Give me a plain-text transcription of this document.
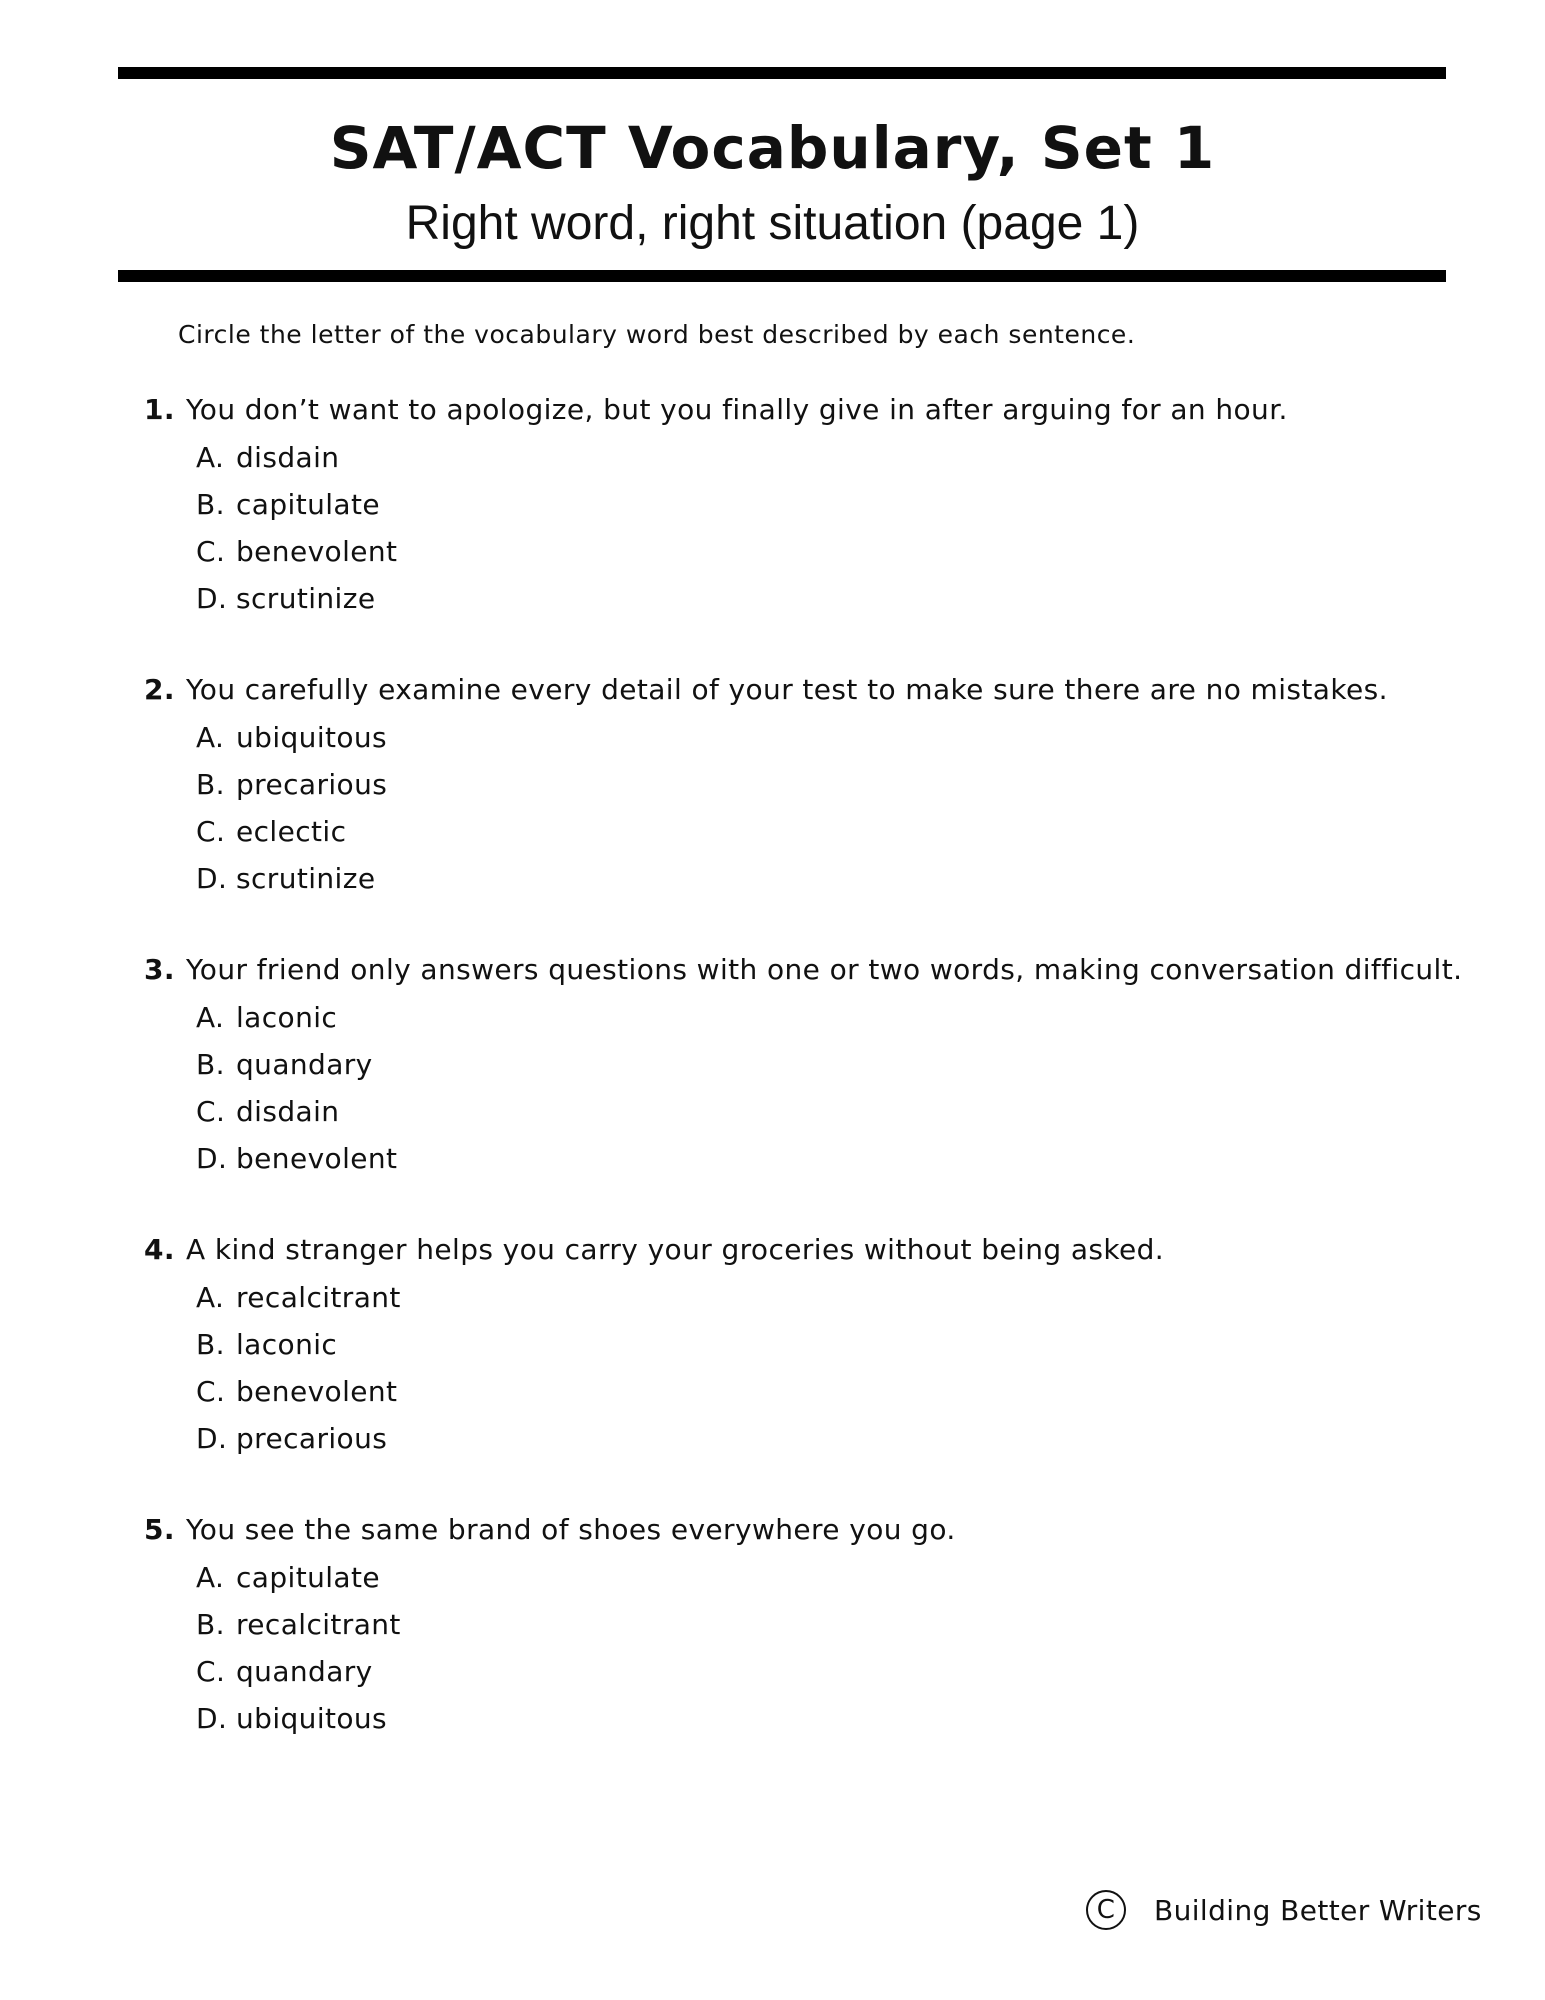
SAT/ACT Vocabulary, Set 1
Right word, right situation (page 1)
Circle the letter of the vocabulary word best described by each sentence.
1. You don’t want to apologize, but you finally give in after arguing for an hour.
A. disdain
B. capitulate
C. benevolent
D. scrutinize
2. You carefully examine every detail of your test to make sure there are no mistakes.
A. ubiquitous
B. precarious
C. eclectic
D. scrutinize
3. Your friend only answers questions with one or two words, making conversation difficult.
A. laconic
B. quandary
C. disdain
D. benevolent
4. A kind stranger helps you carry your groceries without being asked.
A. recalcitrant
B. laconic
C. benevolent
D. precarious
5. You see the same brand of shoes everywhere you go.
A. capitulate
B. recalcitrant
C. quandary
D. ubiquitous
C	Building Better Writers
